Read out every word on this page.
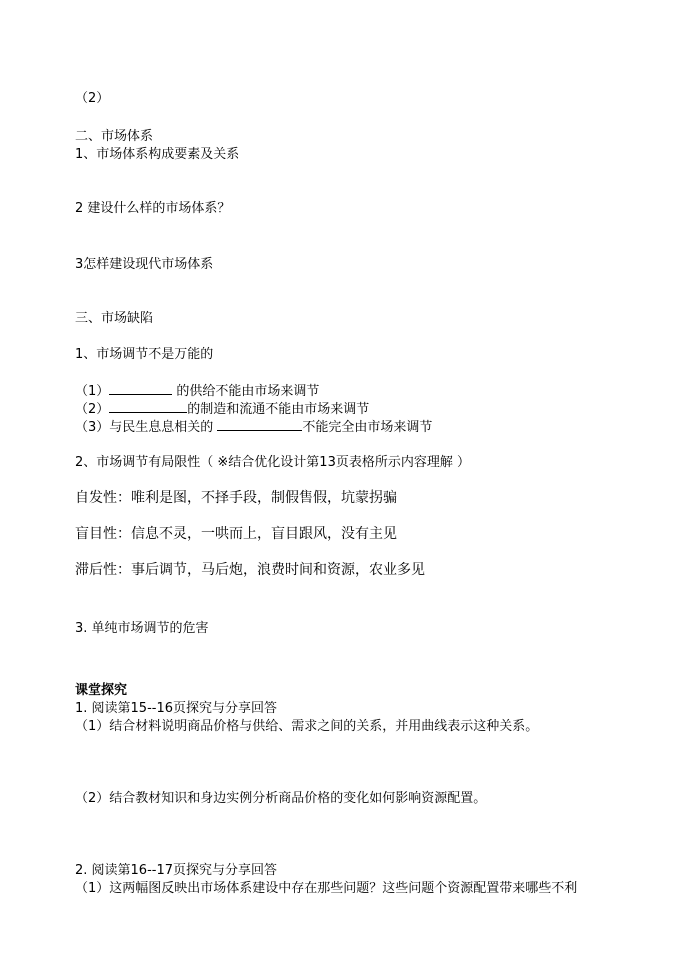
（2）
二、市场体系
1、市场体系构成要素及关系
2 建设什么样的市场体系？
3怎样建设现代市场体系
三、市场缺陷
1、市场调节不是万能的
（1）	的供给不能由市场来调节
（2）	的制造和流通不能由市场来调节
（3）与民生息息相关的	不能完全由市场来调节
2、市场调节有局限性（ ※结合优化设计第13页表格所示内容理解 ）
自发性：唯利是图，不择手段，制假售假，坑蒙拐骗
盲目性：信息不灵，一哄而上，盲目跟风，没有主见
滞后性：事后调节，马后炮，浪费时间和资源，农业多见
3. 单纯市场调节的危害
课堂探究
1. 阅读第15--16页探究与分享回答
（1）结合材料说明商品价格与供给、需求之间的关系，并用曲线表示这种关系。
（2）结合教材知识和身边实例分析商品价格的变化如何影响资源配置。
2. 阅读第16--17页探究与分享回答
（1）这两幅图反映出市场体系建设中存在那些问题？这些问题个资源配置带来哪些不利
